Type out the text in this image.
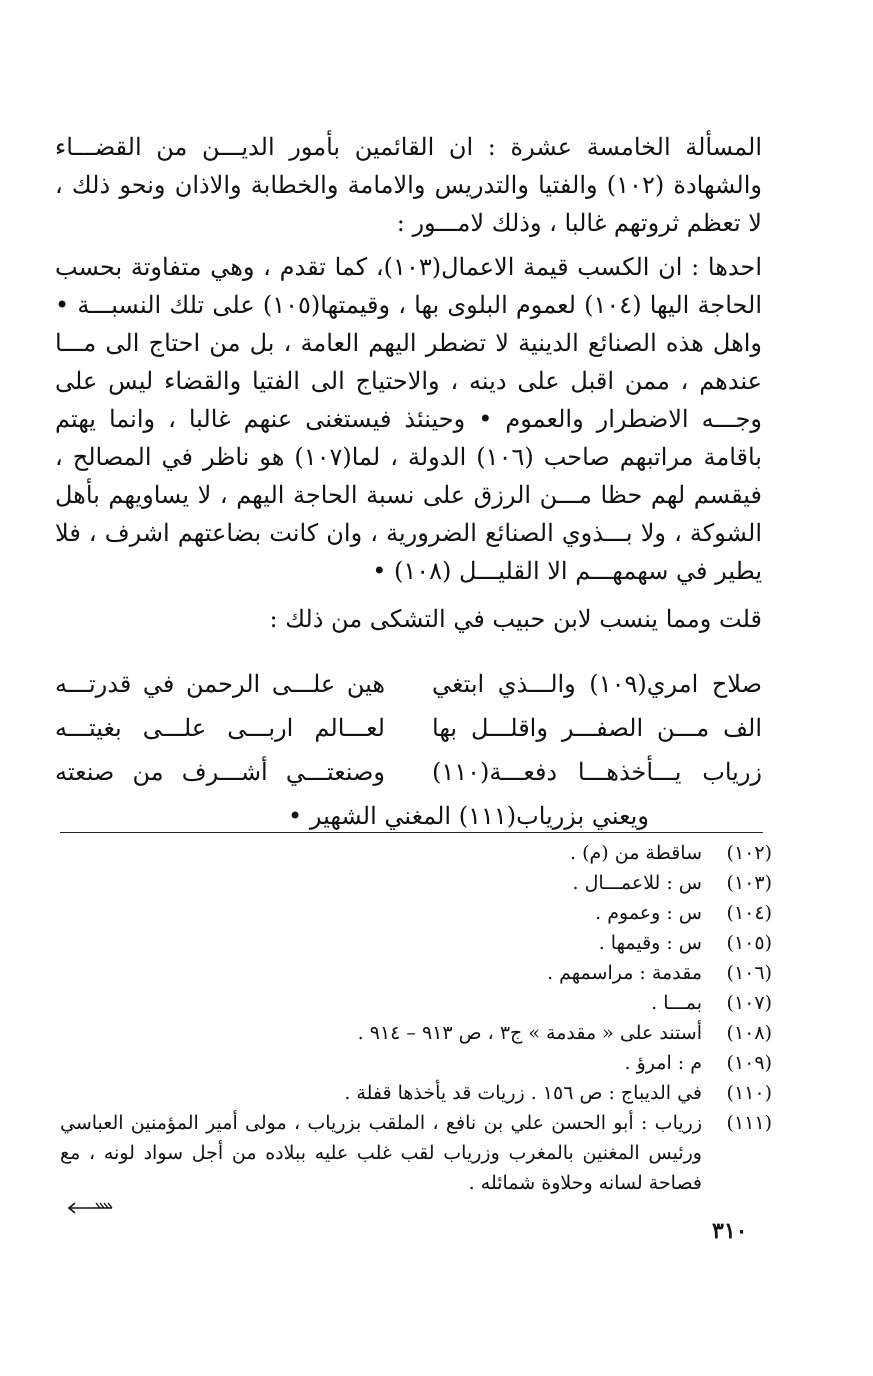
المسألة الخامسة عشرة : ان القائمين بأمور الديـــن من القضـــاء والشهادة (١٠٢) والفتيا والتدريس والامامة والخطابة والاذان ونحو ذلك ، لا تعظم ثروتهم غالبا ، وذلك لامـــور :

احدها : ان الكسب قيمة الاعمال(١٠٣)، كما تقدم ، وهي متفاوتة بحسب الحاجة اليها (١٠٤) لعموم البلوى بها ، وقيمتها(١٠٥) على تلك النسبـــة • واهل هذه الصنائع الدينية لا تضطر اليهم العامة ، بل من احتاج الى مـــا عندهم ، ممن اقبل على دينه ، والاحتياج الى الفتيا والقضاء ليس على وجـــه الاضطرار والعموم • وحينئذ فيستغنى عنهم غالبا ، وانما يهتم باقامة مراتبهم صاحب (١٠٦) الدولة ، لما(١٠٧) هو ناظر في المصالح ، فيقسم لهم حظا مـــن الرزق على نسبة الحاجة اليهم ، لا يساويهم بأهل الشوكة ، ولا بـــذوي الصنائع الضرورية ، وان كانت بضاعتهم اشرف ، فلا يطير في سهمهـــم الا القليـــل (١٠٨) •

قلت ومما ينسب لابن حبيب في التشكى من ذلك :

صلاح امري(١٠٩) والـــذي ابتغي
هين علـــى الرحمن في قدرتـــه
الف مـــن الصفـــر واقلـــل بها
لعـــالم اربـــى علـــى بغيتـــه
زرياب يـــأخذهـــا دفعـــة(١١٠)
وصنعتـــي أشـــرف من صنعته
ويعني بزرياب(١١١) المغني الشهير •
(١٠٢)
ساقطة من (م) .
(١٠٣)
س : للاعمـــال .
(١٠٤)
س : وعموم .
(١٠٥)
س : وقيمها .
(١٠٦)
مقدمة : مراسمهم .
(١٠٧)
بمـــا .
(١٠٨)
أستند على « مقدمة » ج٣ ، ص ٩١٣ – ٩١٤ .
(١٠٩)
م : امرؤ .
(١١٠)
في الديباج : ص ١٥٦ . زريات قد يأخذها قفلة .
(١١١)
زرياب : أبو الحسن علي بن نافع ، الملقب بزرياب ، مولى أمير المؤمنين العباسي ورئيس المغنين بالمغرب وزرياب لقب غلب عليه ببلاده من أجل سواد لونه ، مع فصاحة لسانه وحلاوة شمائله .
٣١٠
